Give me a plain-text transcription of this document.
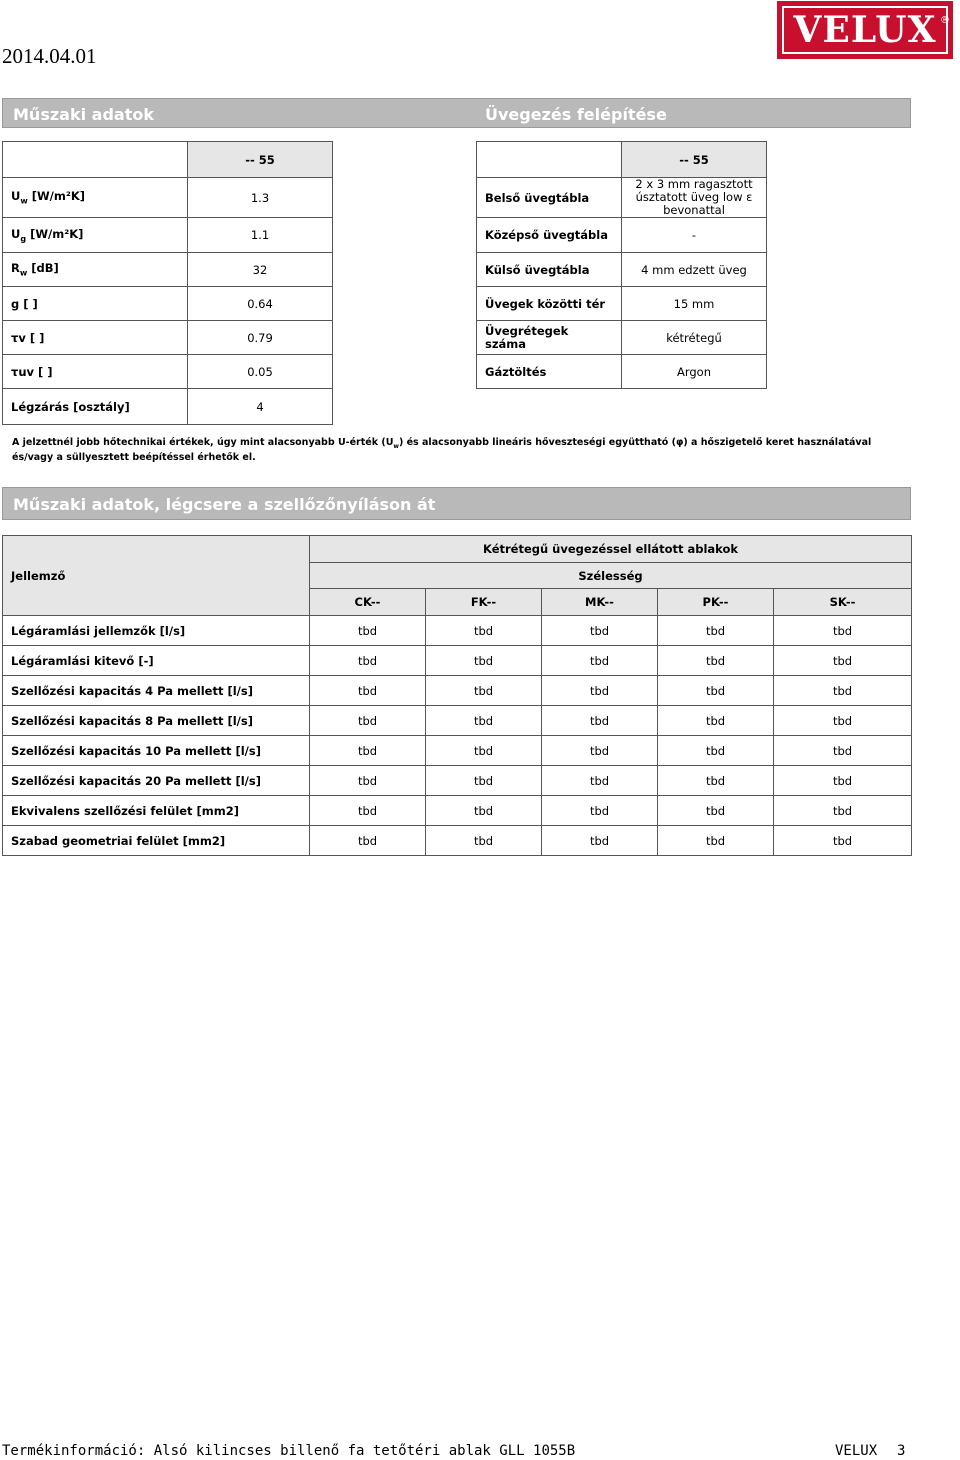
2014.04.01
VELUX ®
Műszaki adatok	Üvegezés felépítése
	-- 55
$U_w$ [W/m²K]	1.3
$U_g$ [W/m²K]	1.1
$R_w$ [dB]	32
g [ ]	0.64
τv [ ]	0.79
τuv [ ]	0.05
Légzárás [osztály]	4
	-- 55
Belső üvegtábla	2 x 3 mm ragasztott úsztatott üveg low ε bevonattal
Középső üvegtábla	-
Külső üvegtábla	4 mm edzett üveg
Üvegek közötti tér	15 mm
Üvegrétegek száma	kétrétegű
Gáztöltés	Argon
A jelzettnél jobb hőtechnikai értékek, úgy mint alacsonyabb U-érték $(U_w)$ és alacsonyabb lineáris hőveszteségi együttható (φ) a hőszigetelő keret használatával és/vagy a süllyesztett beépítéssel érhetők el.
Műszaki adatok, légcsere a szellőzőnyíláson át
Jellemző	Kétrétegű üvegezéssel ellátott ablakok				
	Szélesség				
	CK--	FK--	MK--	PK--	SK--
Légáramlási jellemzők [l/s]	tbd	tbd	tbd	tbd	tbd
Légáramlási kitevő [-]	tbd	tbd	tbd	tbd	tbd
Szellőzési kapacitás 4 Pa mellett [l/s]	tbd	tbd	tbd	tbd	tbd
Szellőzési kapacitás 8 Pa mellett [l/s]	tbd	tbd	tbd	tbd	tbd
Szellőzési kapacitás 10 Pa mellett [l/s]	tbd	tbd	tbd	tbd	tbd
Szellőzési kapacitás 20 Pa mellett [l/s]	tbd	tbd	tbd	tbd	tbd
Ekvivalens szellőzési felület [mm2]	tbd	tbd	tbd	tbd	tbd
Szabad geometriai felület [mm2]	tbd	tbd	tbd	tbd	tbd
Termékinformáció: Alsó kilincses billenő fa tetőtéri ablak GLL 1055B	VELUX 3
